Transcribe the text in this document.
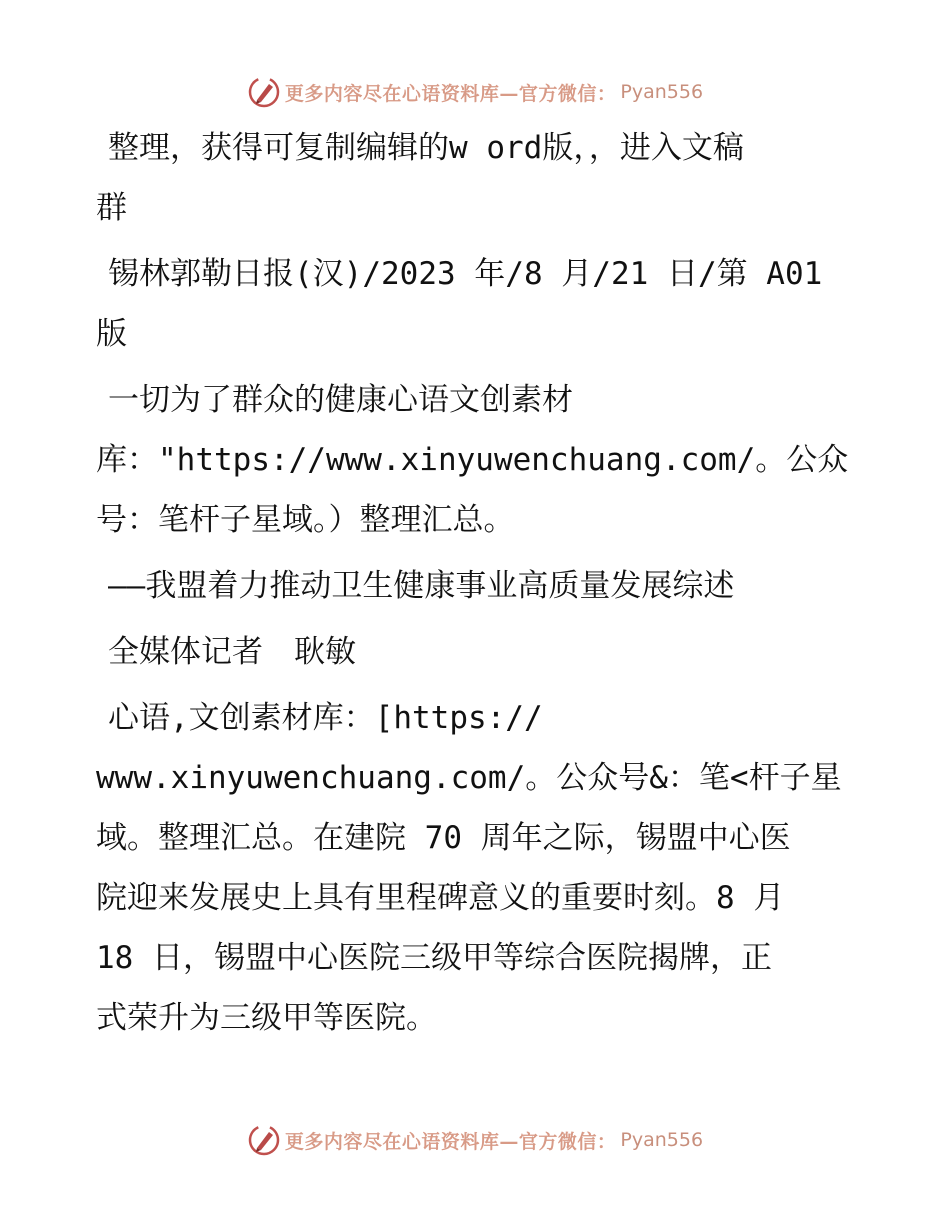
更多内容尽在心语资料库—官方微信： Pyan556
整理，获得可复制编辑的w ord版，，进入文稿
群
锡林郭勒日报(汉)/2023 年/8 月/21 日/第 A01
版
一切为了群众的健康心语文创素材
库："https://www.xinyuwenchuang.com/。公众
号：笔杆子星域。）整理汇总。
——我盟着力推动卫生健康事业高质量发展综述
全媒体记者　耿敏
心语,文创素材库：[https://
www.xinyuwenchuang.com/。公众号&：笔<杆子星
域。整理汇总。在建院 70 周年之际，锡盟中心医
院迎来发展史上具有里程碑意义的重要时刻。8 月
18 日，锡盟中心医院三级甲等综合医院揭牌，正
式荣升为三级甲等医院。
更多内容尽在心语资料库—官方微信： Pyan556
